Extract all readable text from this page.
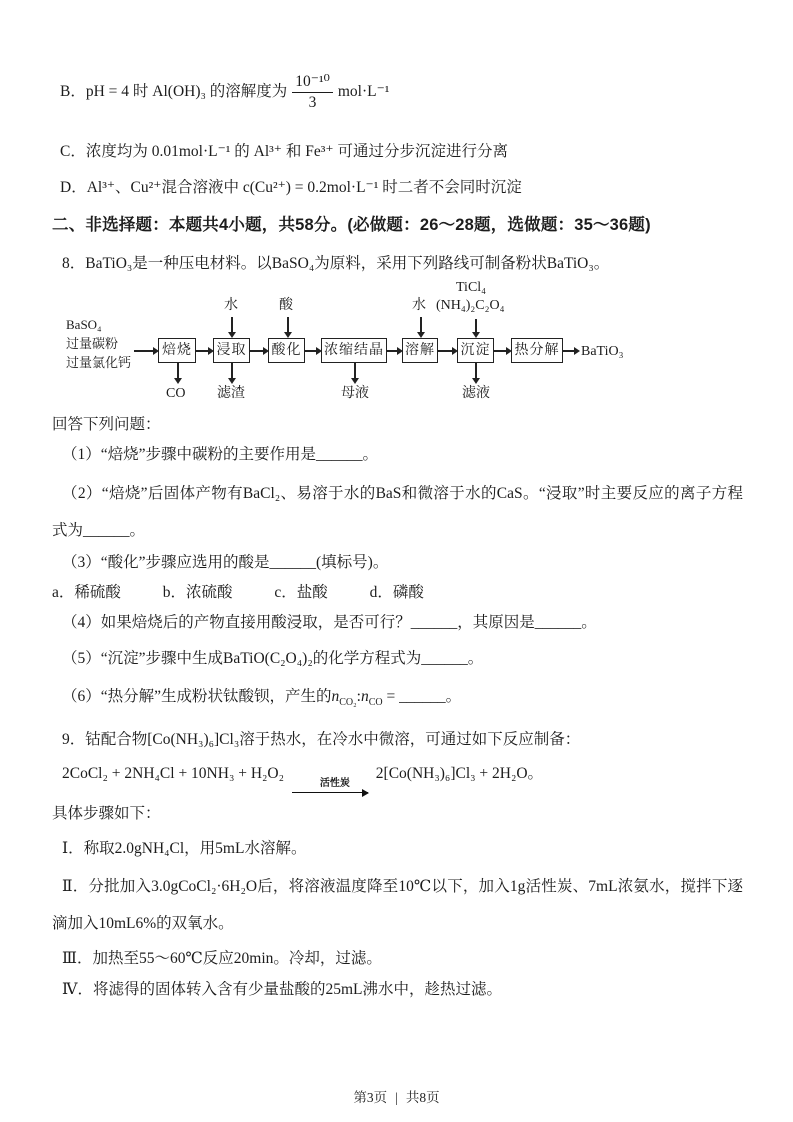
B． pH = 4 时 Al(OH)₃ 的溶解度为 $\frac{\text{10⁻¹⁰}}{3} mol\cdot L^{-1}$

C．浓度均为 0.01mol·L⁻¹ 的 Al³⁺ 和 Fe³⁺ 可通过分步沉淀进行分离

D．Al³⁺、Cu²⁺混合溶液中 c(Cu²⁺) = 0.2mol·L⁻¹ 时二者不会同时沉淀

二、非选择题：本题共4小题，共58分。(必做题：26～28题，选做题：35～36题)

8．BaTiO₃是一种压电材料。以BaSO₄为原料，采用下列路线可制备粉状BaTiO₃。

BaSO₄
过量碳粉
过量氯化钙
水	酸	水
TiCl₄
(NH₄)₂C₂O₄
焙烧 浸取 酸化 浓缩结晶 溶解 沉淀 热分解 BaTiO₃
CO 滤渣	母液	滤液

回答下列问题：

（1）“焙烧”步骤中碳粉的主要作用是______。

（2）“焙烧”后固体产物有BaCl₂、易溶于水的BaS和微溶于水的CaS。“浸取”时主要反应的离子方程式为______。

（3）“酸化”步骤应选用的酸是______(填标号)。

a．稀硫酸	b．浓硫酸	c．盐酸	d．磷酸

（4）如果焙烧后的产物直接用酸浸取，是否可行？______，其原因是______。

（5）“沉淀”步骤中生成BaTiO(C₂O₄)₂的化学方程式为______。

（6）“热分解”生成粉状钛酸钡，产生的$n_{CO_2}:n_{CO}$ = ______。

9．钴配合物[Co(NH₃)₆]Cl₃溶于热水，在冷水中微溶，可通过如下反应制备：

2CoCl₂ + 2NH₄Cl + 10NH₃ + H₂O₂
活性炭
2[Co(NH₃)₆]Cl₃ + 2H₂O。

具体步骤如下：

Ⅰ．称取2.0gNH₄Cl，用5mL水溶解。

Ⅱ．分批加入3.0gCoCl₂·6H₂O后，将溶液温度降至10℃以下，加入1g活性炭、7mL浓氨水，搅拌下逐滴加入10mL6%的双氧水。

Ⅲ．加热至55～60℃反应20min。冷却，过滤。

Ⅳ．将滤得的固体转入含有少量盐酸的25mL沸水中，趁热过滤。

第3页 | 共8页
